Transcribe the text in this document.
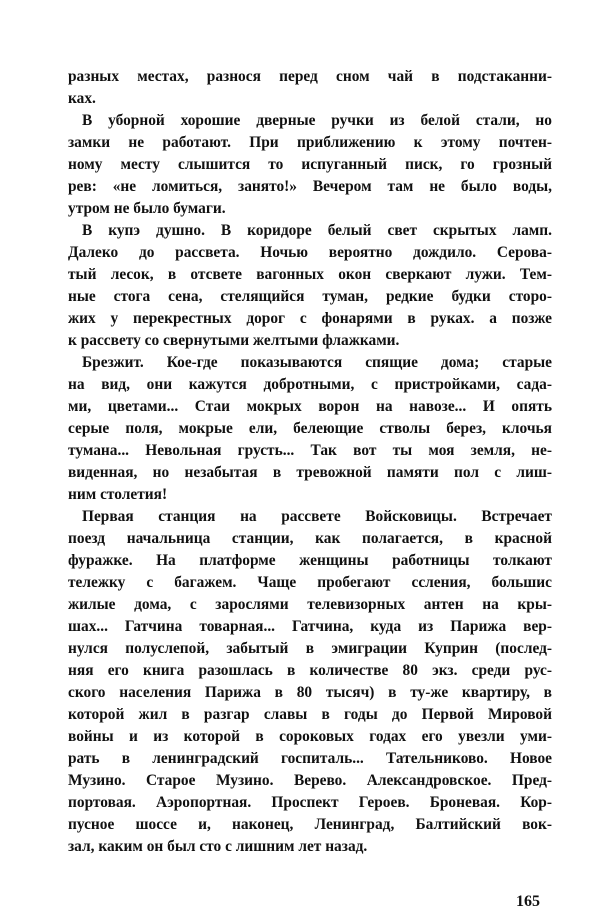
разных местах, разнося перед сном чай в подстаканни-
ках.
В уборной хорошие дверные ручки из белой стали, но
замки не работают. При приближению к этому почтен-
ному месту слышится то испуганный писк, го грозный
рев: «не ломиться, занято!» Вечером там не было воды,
утром не было бумаги.
В купэ душно. В коридоре белый свет скрытых ламп.
Далеко до рассвета. Ночью вероятно дождило. Серова-
тый лесок, в отсвете вагонных окон сверкают лужи. Тем-
ные стога сена, стелящийся туман, редкие будки сторо-
жих у перекрестных дорог с фонарями в руках. а позже
к рассвету со свернутыми желтыми флажками.
Брезжит. Кое-где показываются спящие дома; старые
на вид, они кажутся добротными, с пристройками, сада-
ми, цветами... Стаи мокрых ворон на навозе... И опять
серые поля, мокрые ели, белеющие стволы берез, клочья
тумана... Невольная грусть... Так вот ты моя земля, не-
виденная, но незабытая в тревожной памяти пол с лиш-
ним столетия!
Первая станция на рассвете Войсковицы. Встречает
поезд начальница станции, как полагается, в красной
фуражке. На платформе женщины работницы толкают
тележку с багажем. Чаще пробегают ссления, большис
жилые дома, с зарослями телевизорных антен на кры-
шах... Гатчина товарная... Гатчина, куда из Парижа вер-
нулся полуслепой, забытый в эмиграции Куприн (послед-
няя его книга разошлась в количестве 80 экз. среди рус-
ского населения Парижа в 80 тысяч) в ту-же квартиру, в
которой жил в разгар славы в годы до Первой Мировой
войны и из которой в сороковых годах его увезли уми-
рать в ленинградский госпиталь... Тательниково. Новое
Музино. Старое Музино. Верево. Александровское. Пред-
портовая. Аэропортная. Проспект Героев. Броневая. Кор-
пусное шоссе и, наконец, Ленинград, Балтийский вок-
зал, каким он был сто с лишним лет назад.
165
